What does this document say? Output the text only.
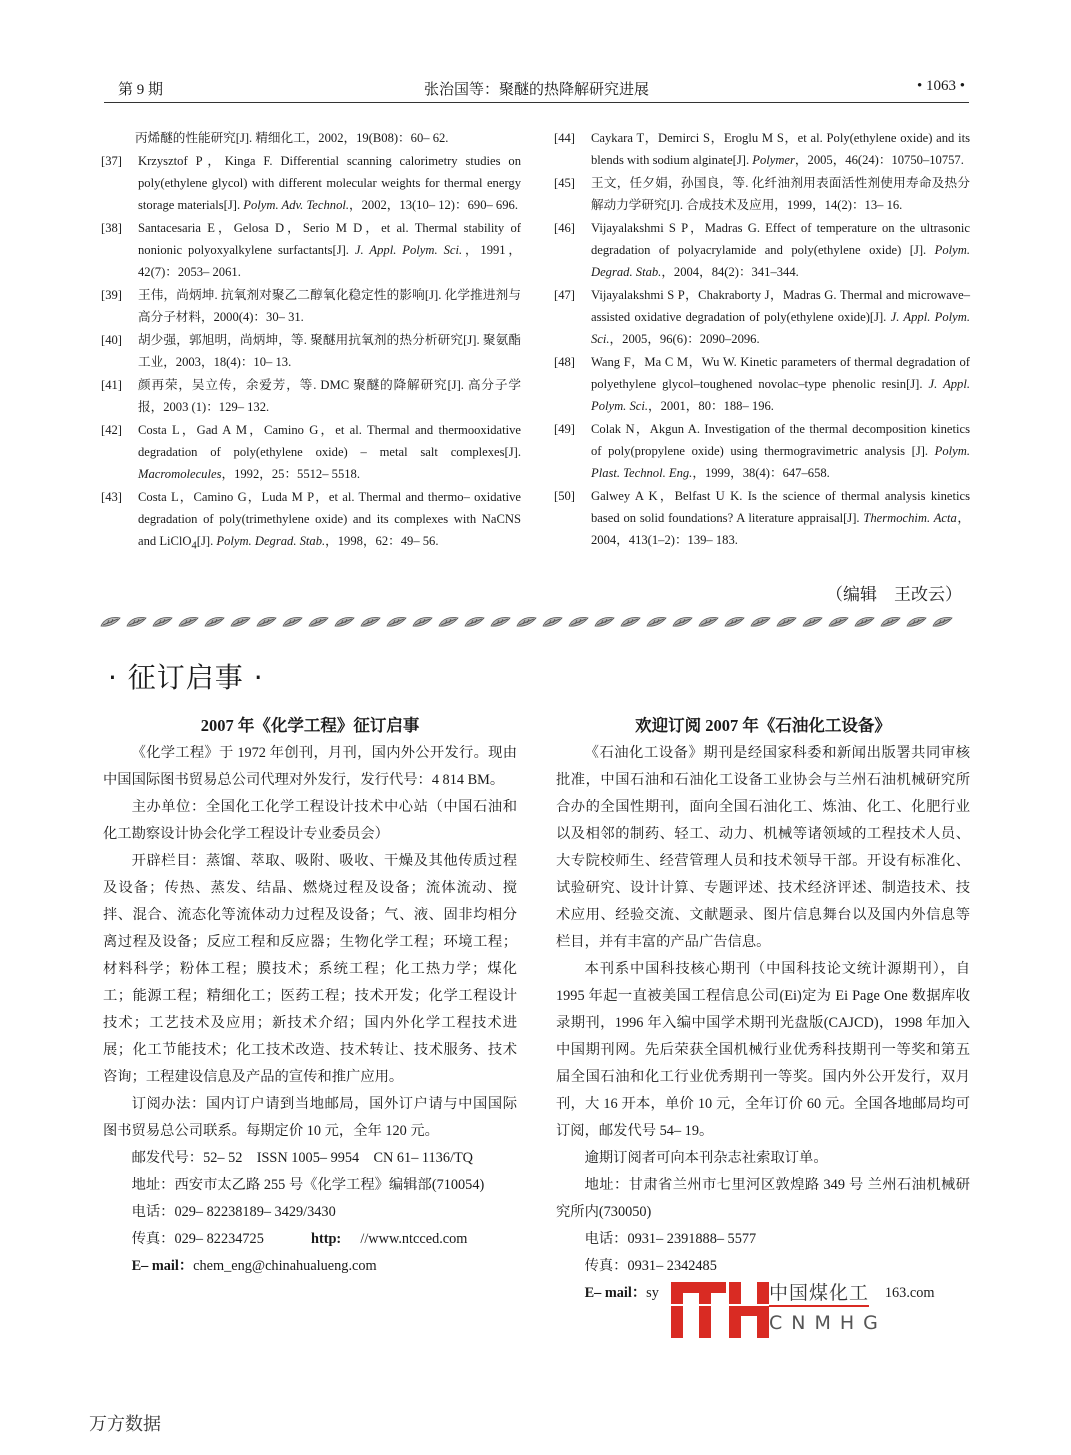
第 9 期	张治国等：聚醚的热降解研究进展	• 1063 •
丙烯醚的性能研究[J]. 精细化工，2002，19(B08)：60– 62.
[37] Krzysztof P，Kinga F. Differential scanning calorimetry studies on poly(ethylene glycol) with different molecular weights for thermal energy storage materials[J]. Polym. Adv. Technol.，2002，13(10– 12)：690– 696.
[38] Santacesaria E，Gelosa D，Serio M D，et al. Thermal stability of nonionic polyoxyalkylene surfactants[J]. J. Appl. Polym. Sci.，1991，42(7)：2053– 2061.
[39] 王伟，尚炳坤. 抗氧剂对聚乙二醇氧化稳定性的影响[J]. 化学推进剂与高分子材料，2000(4)：30– 31.
[40] 胡少强，郭旭明，尚炳坤，等. 聚醚用抗氧剂的热分析研究[J]. 聚氨酯工业，2003，18(4)：10– 13.
[41] 颜再荣，吴立传，余爱芳，等. DMC 聚醚的降解研究[J]. 高分子学报，2003 (1)：129– 132.
[42] Costa L，Gad A M，Camino G，et al. Thermal and thermooxidative degradation of poly(ethylene oxide) – metal salt complexes[J]. Macromolecules，1992，25：5512– 5518.
[43] Costa L，Camino G，Luda M P，et al. Thermal and thermo– oxidative degradation of poly(trimethylene oxide) and its complexes with NaCNS and LiClO$_4$[J]. Polym. Degrad. Stab.，1998，62：49– 56.
[44] Caykara T，Demirci S，Eroglu M S，et al. Poly(ethylene oxide) and its blends with sodium alginate[J]. Polymer，2005，46(24)：10750–10757.
[45] 王文，任夕娟，孙国良，等. 化纤油剂用表面活性剂使用寿命及热分解动力学研究[J]. 合成技术及应用，1999，14(2)：13– 16.
[46] Vijayalakshmi S P，Madras G. Effect of temperature on the ultrasonic degradation of polyacrylamide and poly(ethylene oxide) [J]. Polym. Degrad. Stab.，2004，84(2)：341–344.
[47] Vijayalakshmi S P，Chakraborty J，Madras G. Thermal and microwave–assisted oxidative degradation of poly(ethylene oxide)[J]. J. Appl. Polym. Sci.，2005，96(6)：2090–2096.
[48] Wang F，Ma C M，Wu W. Kinetic parameters of thermal degradation of polyethylene glycol–toughened novolac–type phenolic resin[J]. J. Appl. Polym. Sci.，2001，80：188– 196.
[49] Colak N，Akgun A. Investigation of the thermal decomposition kinetics of poly(propylene oxide) using thermogravimetric analysis [J]. Polym. Plast. Technol. Eng.，1999，38(4)：647–658.
[50] Galwey A K，Belfast U K. Is the science of thermal analysis kinetics based on solid foundations? A literature appraisal[J]. Thermochim. Acta，2004，413(1–2)：139– 183.
（编辑　王改云）
· 征订启事 ·
2007 年《化学工程》征订启事

《化学工程》于 1972 年创刊，月刊，国内外公开发行。现由中国国际图书贸易总公司代理对外发行，发行代号：4 814 BM。

主办单位：全国化工化学工程设计技术中心站（中国石油和化工勘察设计协会化学工程设计专业委员会）

开辟栏目：蒸馏、萃取、吸附、吸收、干燥及其他传质过程及设备；传热、蒸发、结晶、燃烧过程及设备；流体流动、搅拌、混合、流态化等流体动力过程及设备；气、液、固非均相分离过程及设备；反应工程和反应器；生物化学工程；环境工程；材料科学；粉体工程；膜技术；系统工程；化工热力学；煤化工；能源工程；精细化工；医药工程；技术开发；化学工程设计技术；工艺技术及应用；新技术介绍；国内外化学工程技术进展；化工节能技术；化工技术改造、技术转让、技术服务、技术咨询；工程建设信息及产品的宣传和推广应用。

订阅办法：国内订户请到当地邮局，国外订户请与中国国际图书贸易总公司联系。每期定价 10 元，全年 120 元。

邮发代号：52– 52　ISSN 1005– 9954　CN 61– 1136/TQ
地址：西安市太乙路 255 号《化学工程》编辑部(710054)
电话：029– 82238189– 3429/3430
传真：029– 82234725	http: //www.ntcced.com
E– mail：chem_eng@chinahualueng.com
欢迎订阅 2007 年《石油化工设备》

《石油化工设备》期刊是经国家科委和新闻出版署共同审核批准，中国石油和石油化工设备工业协会与兰州石油机械研究所合办的全国性期刊，面向全国石油化工、炼油、化工、化肥行业以及相邻的制药、轻工、动力、机械等诸领域的工程技术人员、大专院校师生、经营管理人员和技术领导干部。开设有标准化、试验研究、设计计算、专题评述、技术经济评述、制造技术、技术应用、经验交流、文献题录、图片信息舞台以及国内外信息等栏目，并有丰富的产品广告信息。

本刊系中国科技核心期刊（中国科技论文统计源期刊），自 1995 年起一直被美国工程信息公司(Ei)定为 Ei Page One 数据库收录期刊，1996 年入编中国学术期刊光盘版(CAJCD)，1998 年加入中国期刊网。先后荣获全国机械行业优秀科技期刊一等奖和第五届全国石油和化工行业优秀期刊一等奖。国内外公开发行，双月刊，大 16 开本，单价 10 元，全年订价 60 元。全国各地邮局均可订阅，邮发代号 54– 19。

逾期订阅者可向本刊杂志社索取订单。

地址：甘肃省兰州市七里河区敦煌路 349 号 兰州石油机械研究所内(730050)

电话：0931– 2391888– 5577
传真：0931– 2342485
E– mail：sy	163.com
中国煤化工
CNMHG
万方数据
